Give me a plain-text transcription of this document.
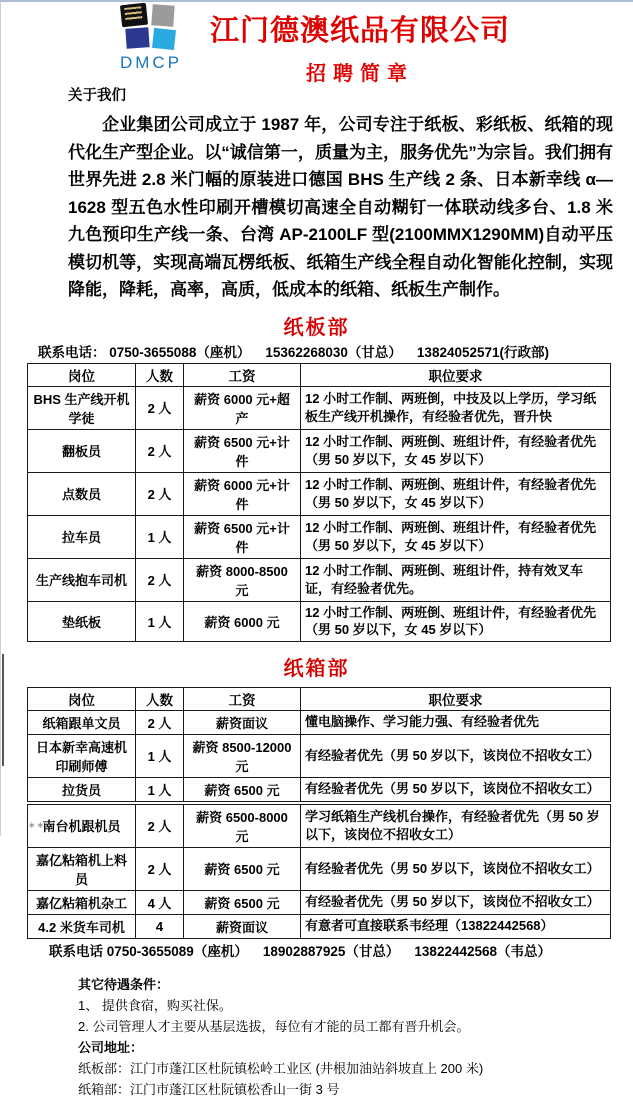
DMCP
江门德澳纸品有限公司
招聘简章
关于我们
企业集团公司成立于 1987 年，公司专注于纸板、彩纸板、纸箱的现代化生产型企业。以“诚信第一，质量为主，服务优先”为宗旨。我们拥有世界先进 2.8 米门幅的原装进口德国 BHS 生产线 2 条、日本新幸线 α—1628 型五色水性印刷开槽模切高速全自动糊钉一体联动线多台、1.8 米九色预印生产线一条、台湾 AP-2100LF 型(2100MMX1290MM)自动平压模切机等，实现高端瓦楞纸板、纸箱生产线全程自动化智能化控制，实现降能，降耗，高率，高质，低成本的纸箱、纸板生产制作。
纸板部
联系电话： 0750-3655088（座机）    15362268030（甘总）    13824052571(行政部)
岗位	人数	工资	职位要求
BHS 生产线开机学徒	2 人	薪资 6000 元+超产	12 小时工作制、两班倒，中技及以上学历，学习纸板生产线开机操作，有经验者优先，晋升快
翻板员	2 人	薪资 6500 元+计件	12 小时工作制、两班倒、班组计件，有经验者优先（男 50 岁以下，女 45 岁以下）
点数员	2 人	薪资 6000 元+计件	12 小时工作制、两班倒、班组计件，有经验者优先（男 50 岁以下，女 45 岁以下）
拉车员	1 人	薪资 6500 元+计件	12 小时工作制、两班倒、班组计件，有经验者优先（男 50 岁以下，女 45 岁以下）
生产线抱车司机	2 人	薪资 8000-8500 元	12 小时工作制、两班倒、班组计件，持有效叉车证，有经验者优先。
垫纸板	1 人	薪资 6000 元	12 小时工作制、两班倒、班组计件，有经验者优先（男 50 岁以下，女 45 岁以下）
纸箱部
岗位	人数	工资	职位要求
纸箱跟单文员	2 人	薪资面议	懂电脑操作、学习能力强、有经验者优先
日本新幸高速机印刷师傅	1 人	薪资 8500-12000 元	有经验者优先（男 50 岁以下，该岗位不招收女工）
拉货员	1 人	薪资 6500 元	有经验者优先（男 50 岁以下，该岗位不招收女工）
南台机跟机员	2 人	薪资 6500-8000 元	学习纸箱生产线机台操作，有经验者优先（男 50 岁以下，该岗位不招收女工）
嘉亿粘箱机上料员	2 人	薪资 6500 元	有经验者优先（男 50 岁以下，该岗位不招收女工）
嘉亿粘箱机杂工	4 人	薪资 6500 元	有经验者优先（男 50 岁以下，该岗位不招收女工）
4.2 米货车司机	4	薪资面议	有意者可直接联系韦经理（13822442568）
联系电话 0750-3655089（座机）    18902887925（甘总）    13822442568（韦总）
其它待遇条件：
1、 提供食宿，购买社保。
2. 公司管理人才主要从基层选拔，每位有才能的员工都有晋升机会。
公司地址：
纸板部：江门市蓬江区杜阮镇松岭工业区 (井根加油站斜坡直上 200 米)
纸箱部：江门市蓬江区杜阮镇松香山一街 3 号
∗∗
